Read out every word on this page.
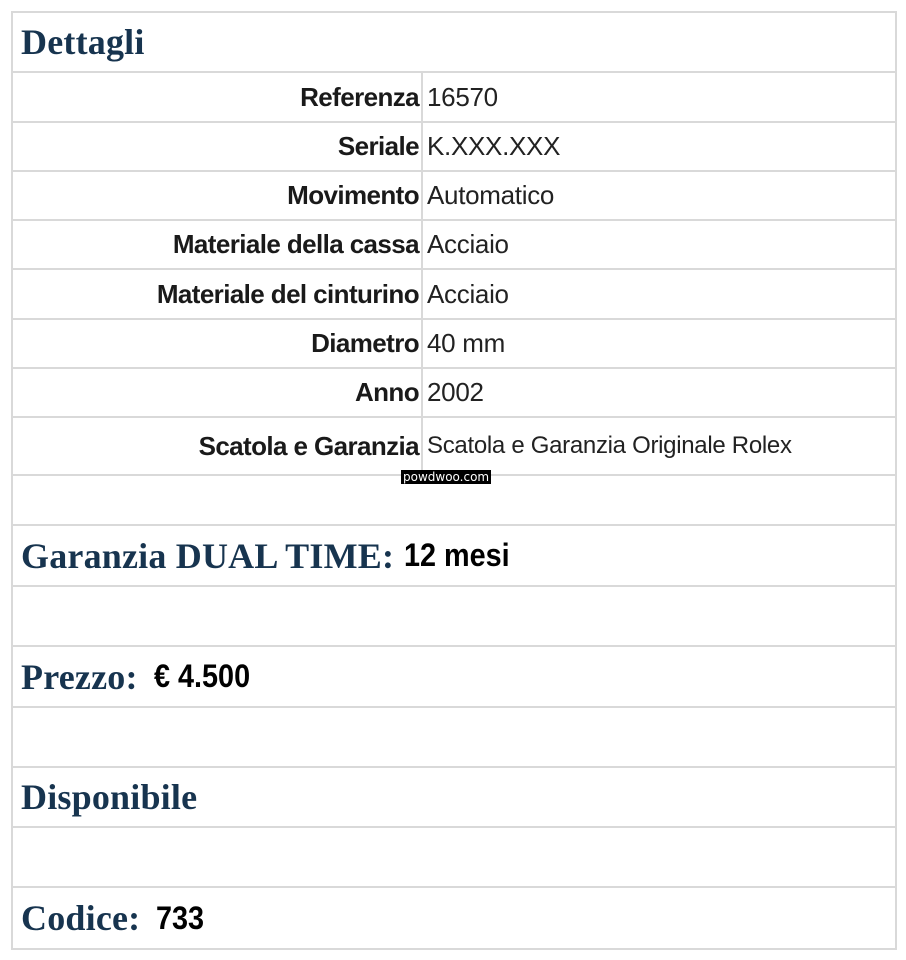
Dettagli
Referenza 16570
Seriale K.XXX.XXX
Movimento Automatico
Materiale della cassa Acciaio
Materiale del cinturino Acciaio
Diametro 40 mm
Anno 2002
Scatola e Garanzia Scatola e Garanzia Originale Rolex
Garanzia DUAL TIME: 12 mesi
Prezzo: € 4.500
Disponibile
Codice: 733
powdwoo.com
